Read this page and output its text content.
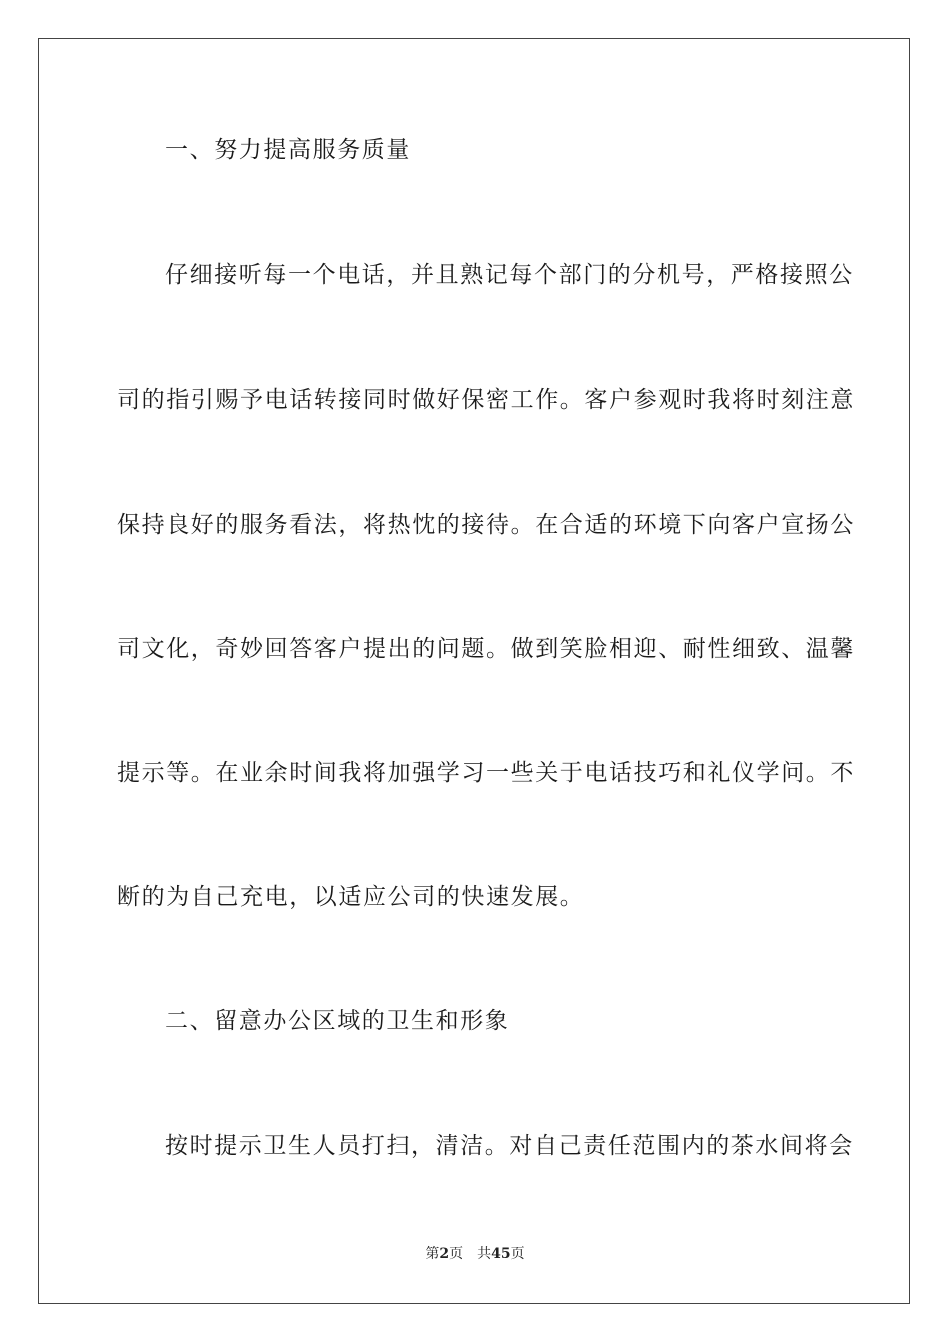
一、努力提高服务质量
仔细接听每一个电话，并且熟记每个部门的分机号，严格接照公
司的指引赐予电话转接同时做好保密工作。客户参观时我将时刻注意
保持良好的服务看法，将热忱的接待。在合适的环境下向客户宣扬公
司文化，奇妙回答客户提出的问题。做到笑脸相迎、耐性细致、温馨
提示等。在业余时间我将加强学习一些关于电话技巧和礼仪学问。不
断的为自己充电，以适应公司的快速发展。
二、留意办公区域的卫生和形象
按时提示卫生人员打扫，清洁。对自己责任范围内的茶水间将会
第2页 共45页
